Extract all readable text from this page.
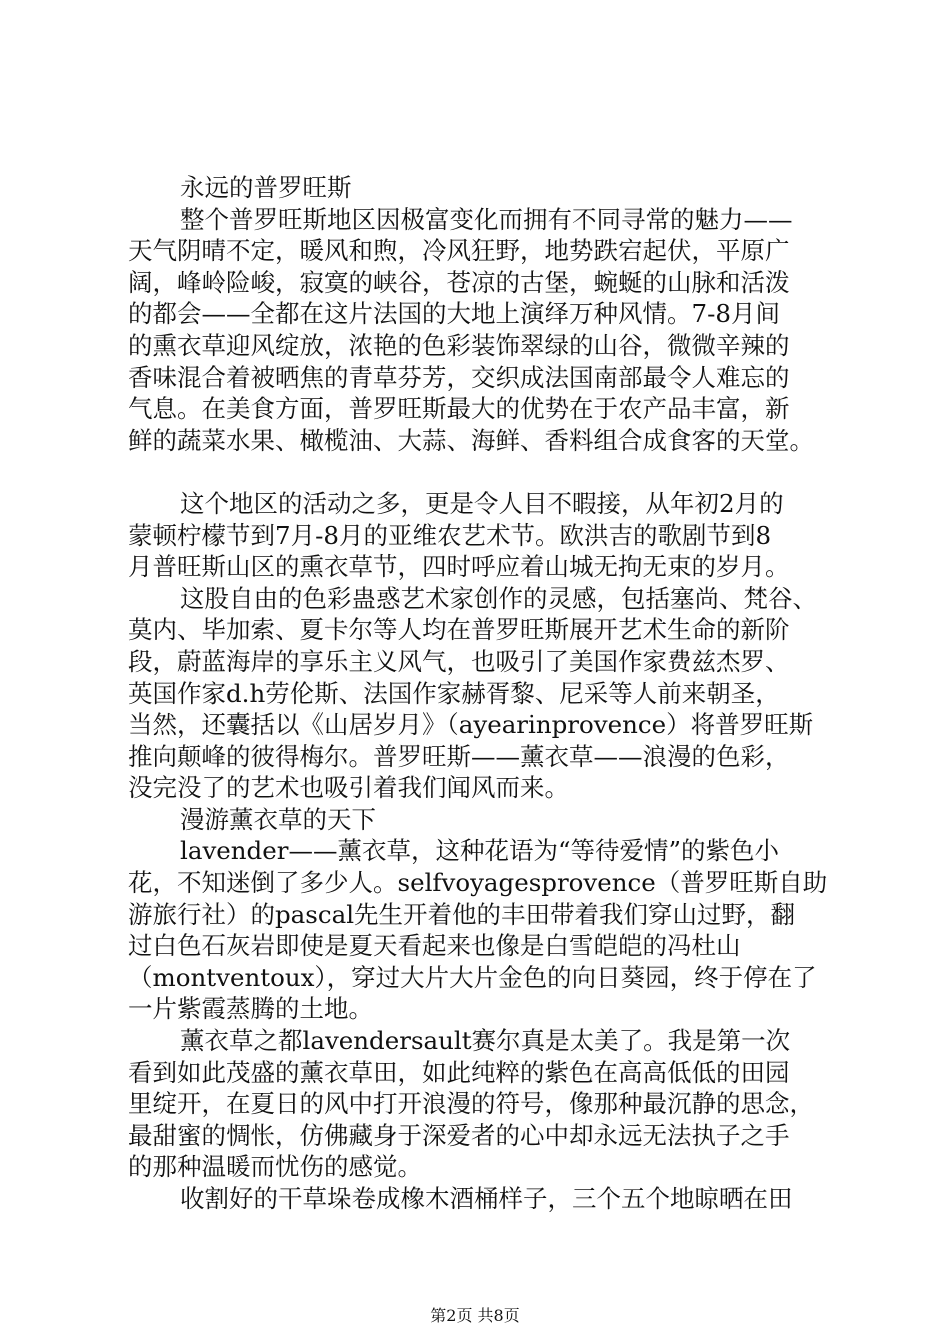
永远的普罗旺斯
整个普罗旺斯地区因极富变化而拥有不同寻常的魅力——
天气阴晴不定，暖风和煦，冷风狂野，地势跌宕起伏，平原广
阔，峰岭险峻，寂寞的峡谷，苍凉的古堡，蜿蜒的山脉和活泼
的都会——全都在这片法国的大地上演绎万种风情。7-8月间
的熏衣草迎风绽放，浓艳的色彩装饰翠绿的山谷，微微辛辣的
香味混合着被晒焦的青草芬芳，交织成法国南部最令人难忘的
气息。在美食方面，普罗旺斯最大的优势在于农产品丰富，新
鲜的蔬菜水果、橄榄油、大蒜、海鲜、香料组合成食客的天堂。
这个地区的活动之多，更是令人目不暇接，从年初2月的
蒙顿柠檬节到7月-8月的亚维农艺术节。欧洪吉的歌剧节到8
月普旺斯山区的熏衣草节，四时呼应着山城无拘无束的岁月。
这股自由的色彩蛊惑艺术家创作的灵感，包括塞尚、梵谷、
莫内、毕加索、夏卡尔等人均在普罗旺斯展开艺术生命的新阶
段，蔚蓝海岸的享乐主义风气，也吸引了美国作家费兹杰罗、
英国作家d.h劳伦斯、法国作家赫胥黎、尼采等人前来朝圣，
当然，还囊括以《山居岁月》（ayearinprovence）将普罗旺斯
推向颠峰的彼得梅尔。普罗旺斯——薰衣草——浪漫的色彩，
没完没了的艺术也吸引着我们闻风而来。
漫游薰衣草的天下
lavender——薰衣草，这种花语为“等待爱情”的紫色小
花，不知迷倒了多少人。selfvoyagesprovence（普罗旺斯自助
游旅行社）的pascal先生开着他的丰田带着我们穿山过野，翻
过白色石灰岩即使是夏天看起来也像是白雪皑皑的冯杜山
（montventoux），穿过大片大片金色的向日葵园，终于停在了
一片紫霞蒸腾的土地。
薰衣草之都lavendersault赛尔真是太美了。我是第一次
看到如此茂盛的薰衣草田，如此纯粹的紫色在高高低低的田园
里绽开，在夏日的风中打开浪漫的符号，像那种最沉静的思念，
最甜蜜的惆怅，仿佛藏身于深爱者的心中却永远无法执子之手
的那种温暖而忧伤的感觉。
收割好的干草垛卷成橡木酒桶样子，三个五个地晾晒在田
第2页 共8页
